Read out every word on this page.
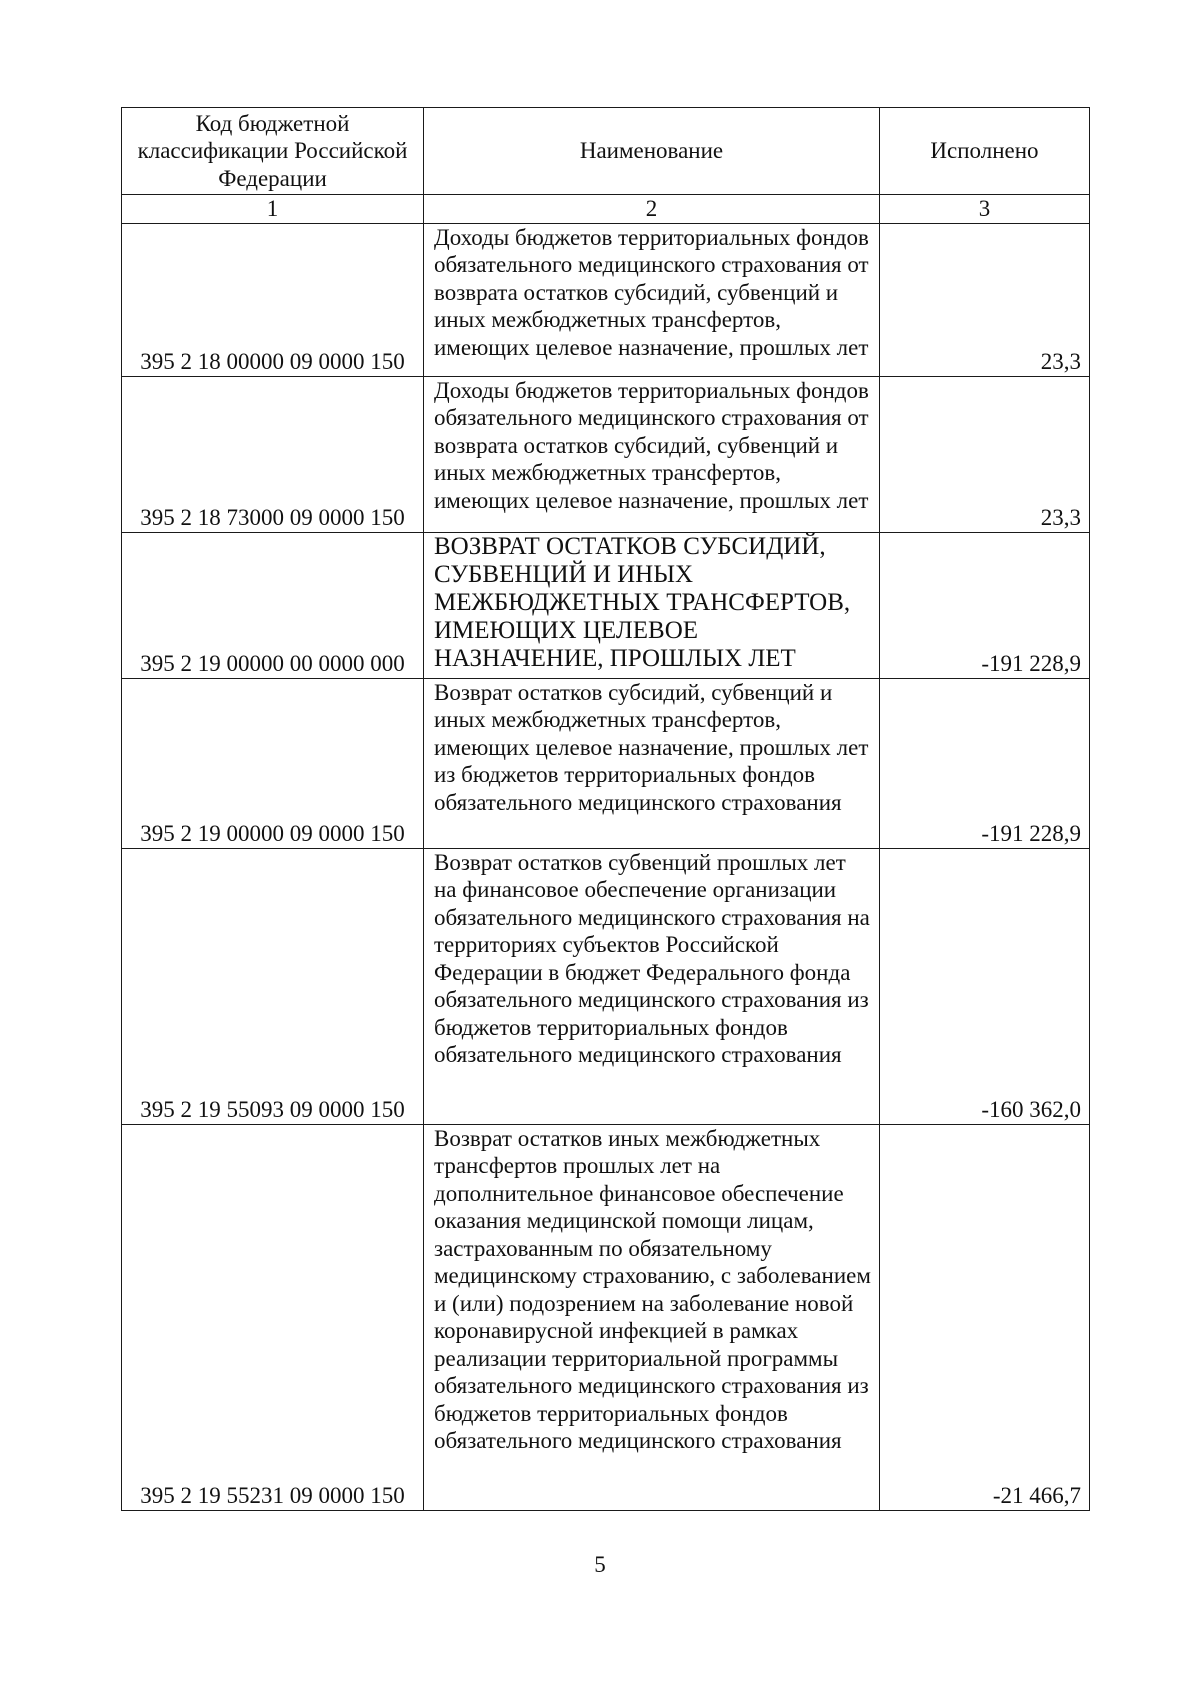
Код бюджетной классификации Российской Федерации	Наименование	Исполнено
1	2	3
395 2 18 00000 09 0000 150	Доходы бюджетов территориальных фондов обязательного медицинского страхования от возврата остатков субсидий, субвенций и иных межбюджетных трансфертов, имеющих целевое назначение, прошлых лет	23,3
395 2 18 73000 09 0000 150	Доходы бюджетов территориальных фондов обязательного медицинского страхования от возврата остатков субсидий, субвенций и иных межбюджетных трансфертов, имеющих целевое назначение, прошлых лет	23,3
395 2 19 00000 00 0000 000	ВОЗВРАТ ОСТАТКОВ СУБСИДИЙ, СУБВЕНЦИЙ И ИНЫХ МЕЖБЮДЖЕТНЫХ ТРАНСФЕРТОВ, ИМЕЮЩИХ ЦЕЛЕВОЕ НАЗНАЧЕНИЕ, ПРОШЛЫХ ЛЕТ	-191 228,9
395 2 19 00000 09 0000 150	Возврат остатков субсидий, субвенций и иных межбюджетных трансфертов, имеющих целевое назначение, прошлых лет из бюджетов территориальных фондов обязательного медицинского страхования	-191 228,9
395 2 19 55093 09 0000 150	Возврат остатков субвенций прошлых лет на финансовое обеспечение организации обязательного медицинского страхования на территориях субъектов Российской Федерации в бюджет Федерального фонда обязательного медицинского страхования из бюджетов территориальных фондов обязательного медицинского страхования	-160 362,0
395 2 19 55231 09 0000 150	Возврат остатков иных межбюджетных трансфертов прошлых лет на дополнительное финансовое обеспечение оказания медицинской помощи лицам, застрахованным по обязательному медицинскому страхованию, с заболеванием и (или) подозрением на заболевание новой коронавирусной инфекцией в рамках реализации территориальной программы обязательного медицинского страхования из бюджетов территориальных фондов обязательного медицинского страхования	-21 466,7
5
